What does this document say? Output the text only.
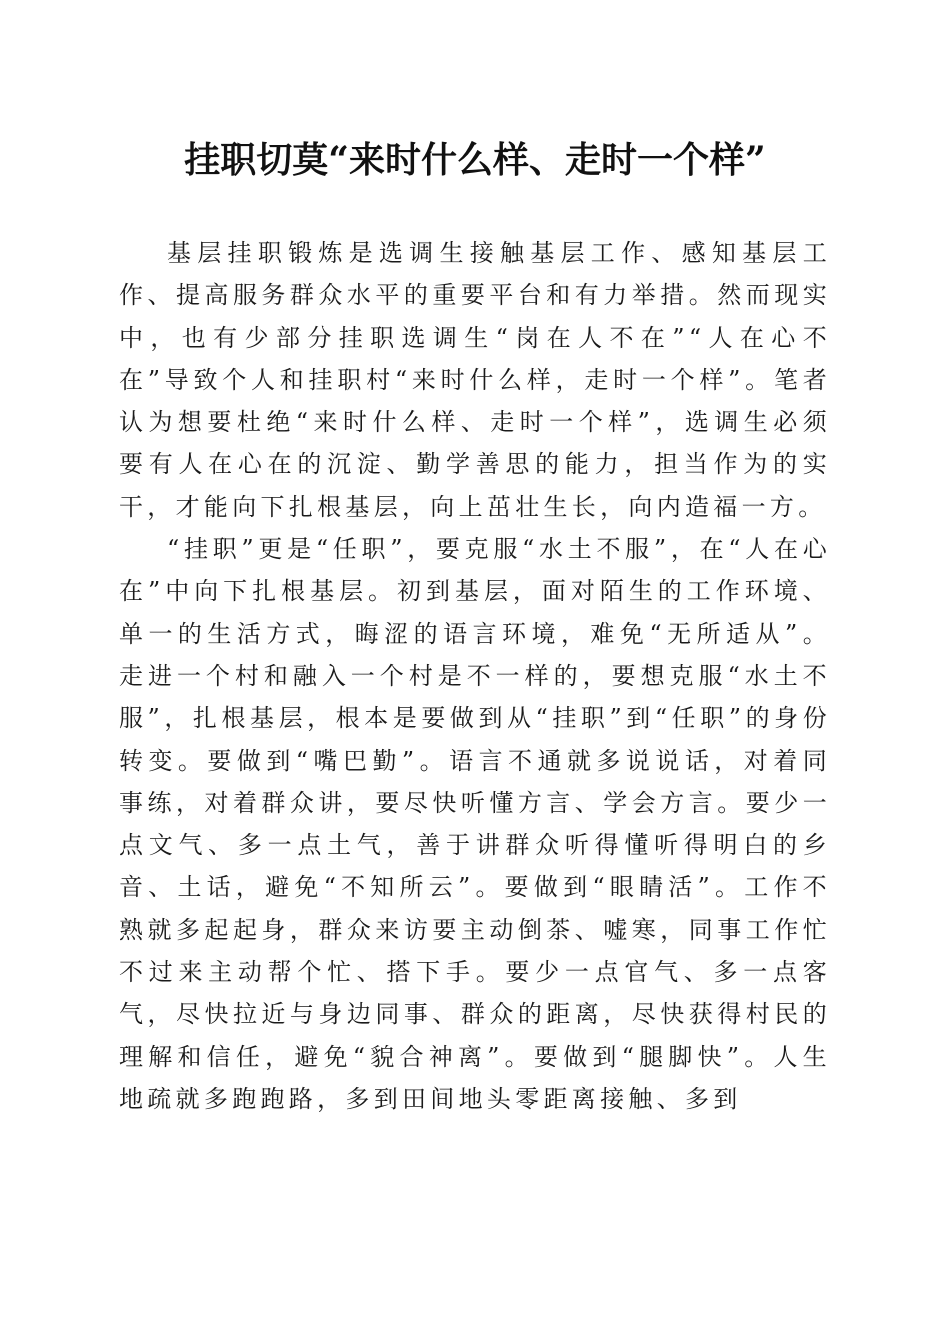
挂职切莫“来时什么样、走时一个样”

基层挂职锻炼是选调生接触基层工作、感知基层工作、提高服务群众水平的重要平台和有力举措。然而现实中，也有少部分挂职选调生“岗在人不在”“人在心不在”导致个人和挂职村“来时什么样，走时一个样”。笔者认为想要杜绝“来时什么样、走时一个样”，选调生必须要有人在心在的沉淀、勤学善思的能力，担当作为的实干，才能向下扎根基层，向上茁壮生长，向内造福一方。

“挂职”更是“任职”，要克服“水土不服”，在“人在心在”中向下扎根基层。初到基层，面对陌生的工作环境、单一的生活方式，晦涩的语言环境，难免“无所适从”。走进一个村和融入一个村是不一样的，要想克服“水土不服”，扎根基层，根本是要做到从“挂职”到“任职”的身份转变。要做到“嘴巴勤”。语言不通就多说说话，对着同事练，对着群众讲，要尽快听懂方言、学会方言。要少一点文气、多一点土气，善于讲群众听得懂听得明白的乡音、土话，避免“不知所云”。要做到“眼睛活”。工作不熟就多起起身，群众来访要主动倒茶、嘘寒，同事工作忙不过来主动帮个忙、搭下手。要少一点官气、多一点客气，尽快拉近与身边同事、群众的距离，尽快获得村民的理解和信任，避免“貌合神离”。要做到“腿脚快”。人生地疏就多跑跑路，多到田间地头零距离接触、多到
